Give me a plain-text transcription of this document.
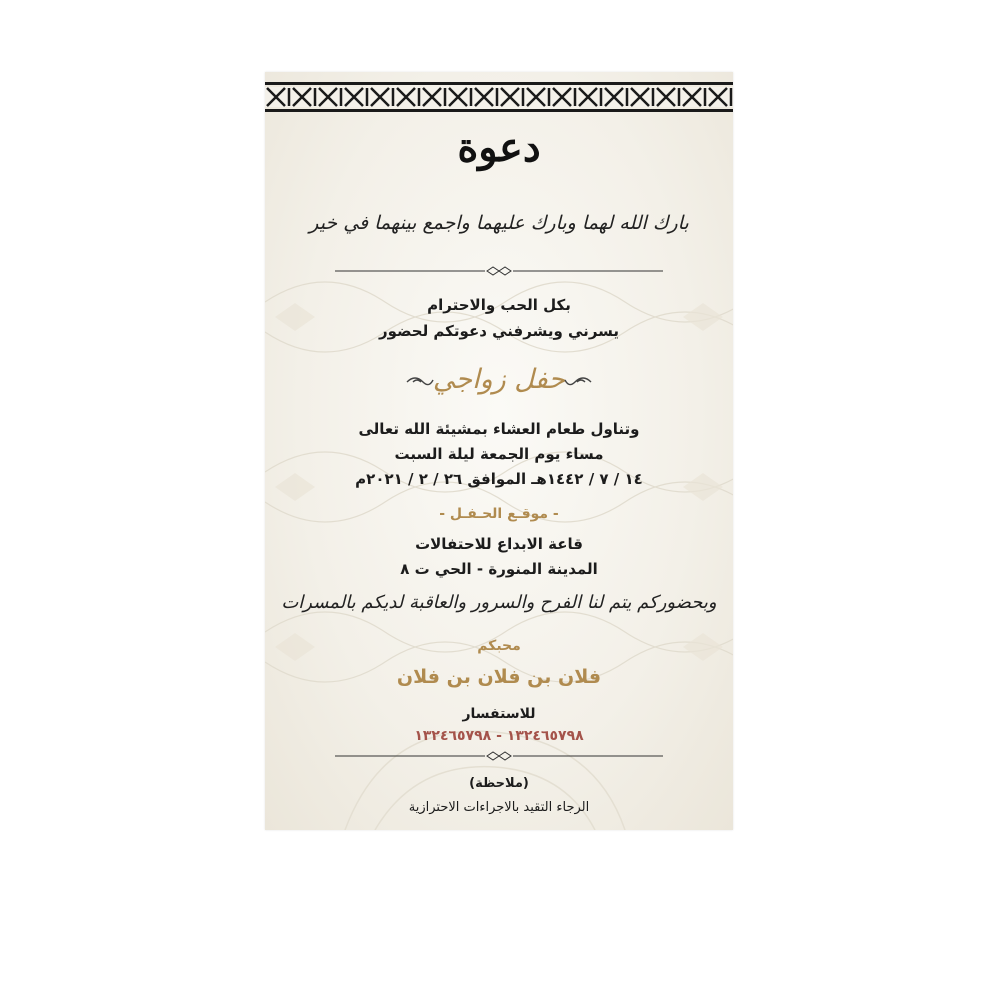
دعوة
بارك الله لهما وبارك عليهما واجمع بينهما في خير
بكل الحب والاحترام
يسرني ويشرفني دعوتكم لحضور
حفل زواجي
وتناول طعام العشاء بمشيئة الله تعالى
مساء يوم الجمعة ليلة السبت
١٤ / ٧ / ١٤٤٢هـ الموافق ٢٦ / ٢ / ٢٠٢١م
- موقـع الحـفـل -
قاعة الابداع للاحتفالات
المدينة المنورة - الحي ت ٨
وبحضوركم يتم لنا الفرح والسرور والعاقبة لديكم بالمسرات
محبكم
فلان بن فلان بن فلان
للاستفسار
١٣٢٤٦٥٧٩٨ - ١٣٢٤٦٥٧٩٨
(ملاحظة)
الرجاء التقيد بالاجراءات الاحترازية
